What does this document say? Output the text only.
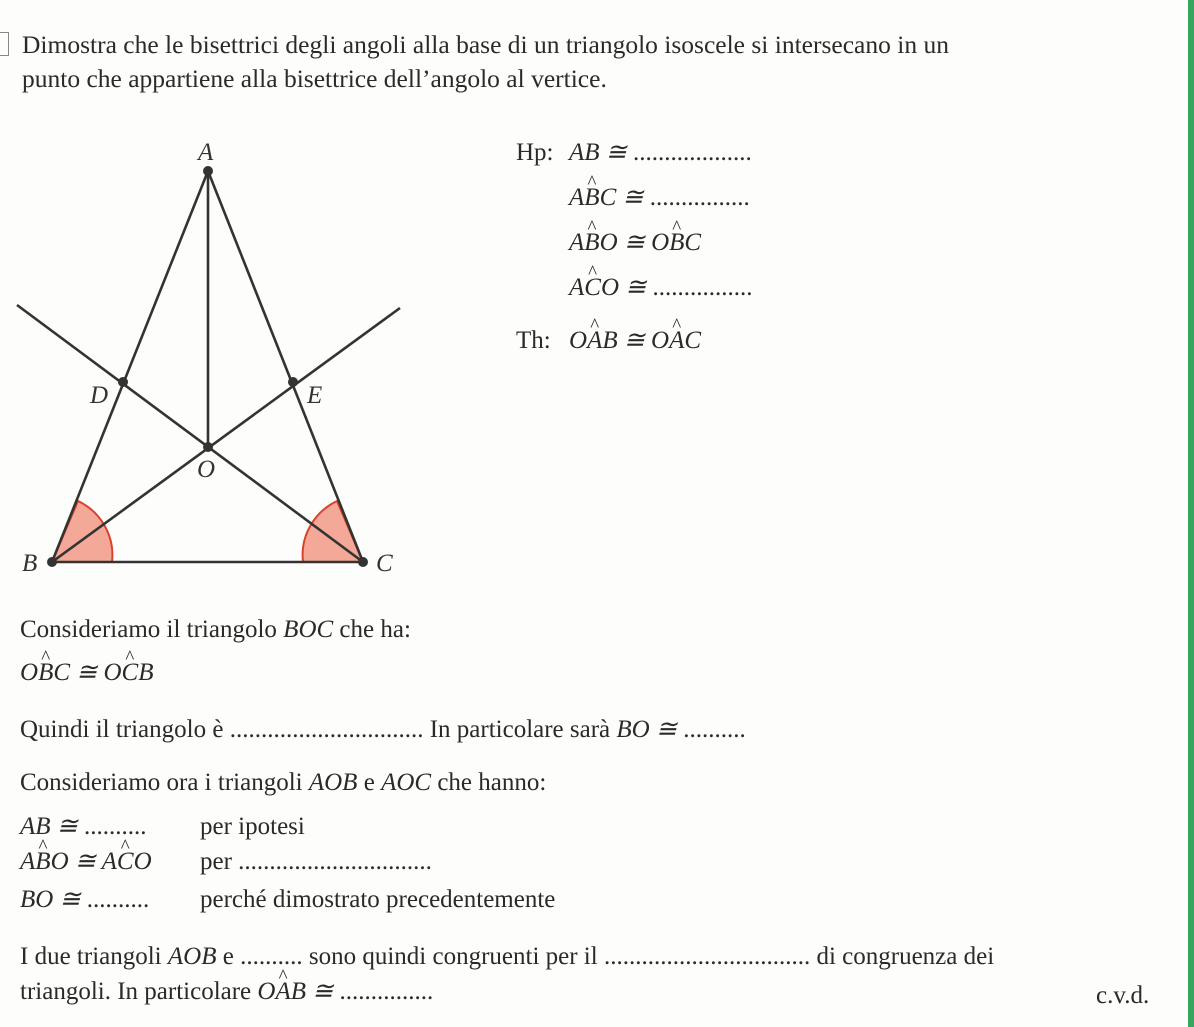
Dimostra che le bisettrici degli angoli alla base di un triangolo isoscele si intersecano in un
punto che appartiene alla bisettrice dell’angolo al vertice.
A
B	C
D	E
O
Hp: AB ≅ ...................
A^ BC ≅ ................
A^ BO ≅ O^ BC
A^ CO ≅ ................
Th: O^ AB ≅ O^ AC
Consideriamo il triangolo BOC che ha:
O^ BC ≅ O^ CB
Quindi il triangolo è ............................... In particolare sarà BO ≅ ..........
Consideriamo ora i triangoli AOB e AOC che hanno:
AB ≅ .......... per ipotesi
A^ BO ≅ A^ CO per ...............................
BO ≅ .......... perché dimostrato precedentemente
I due triangoli AOB e .......... sono quindi congruenti per il ................................. di congruenza dei
triangoli. In particolare O^ AB ≅ ...............	c.v.d.
